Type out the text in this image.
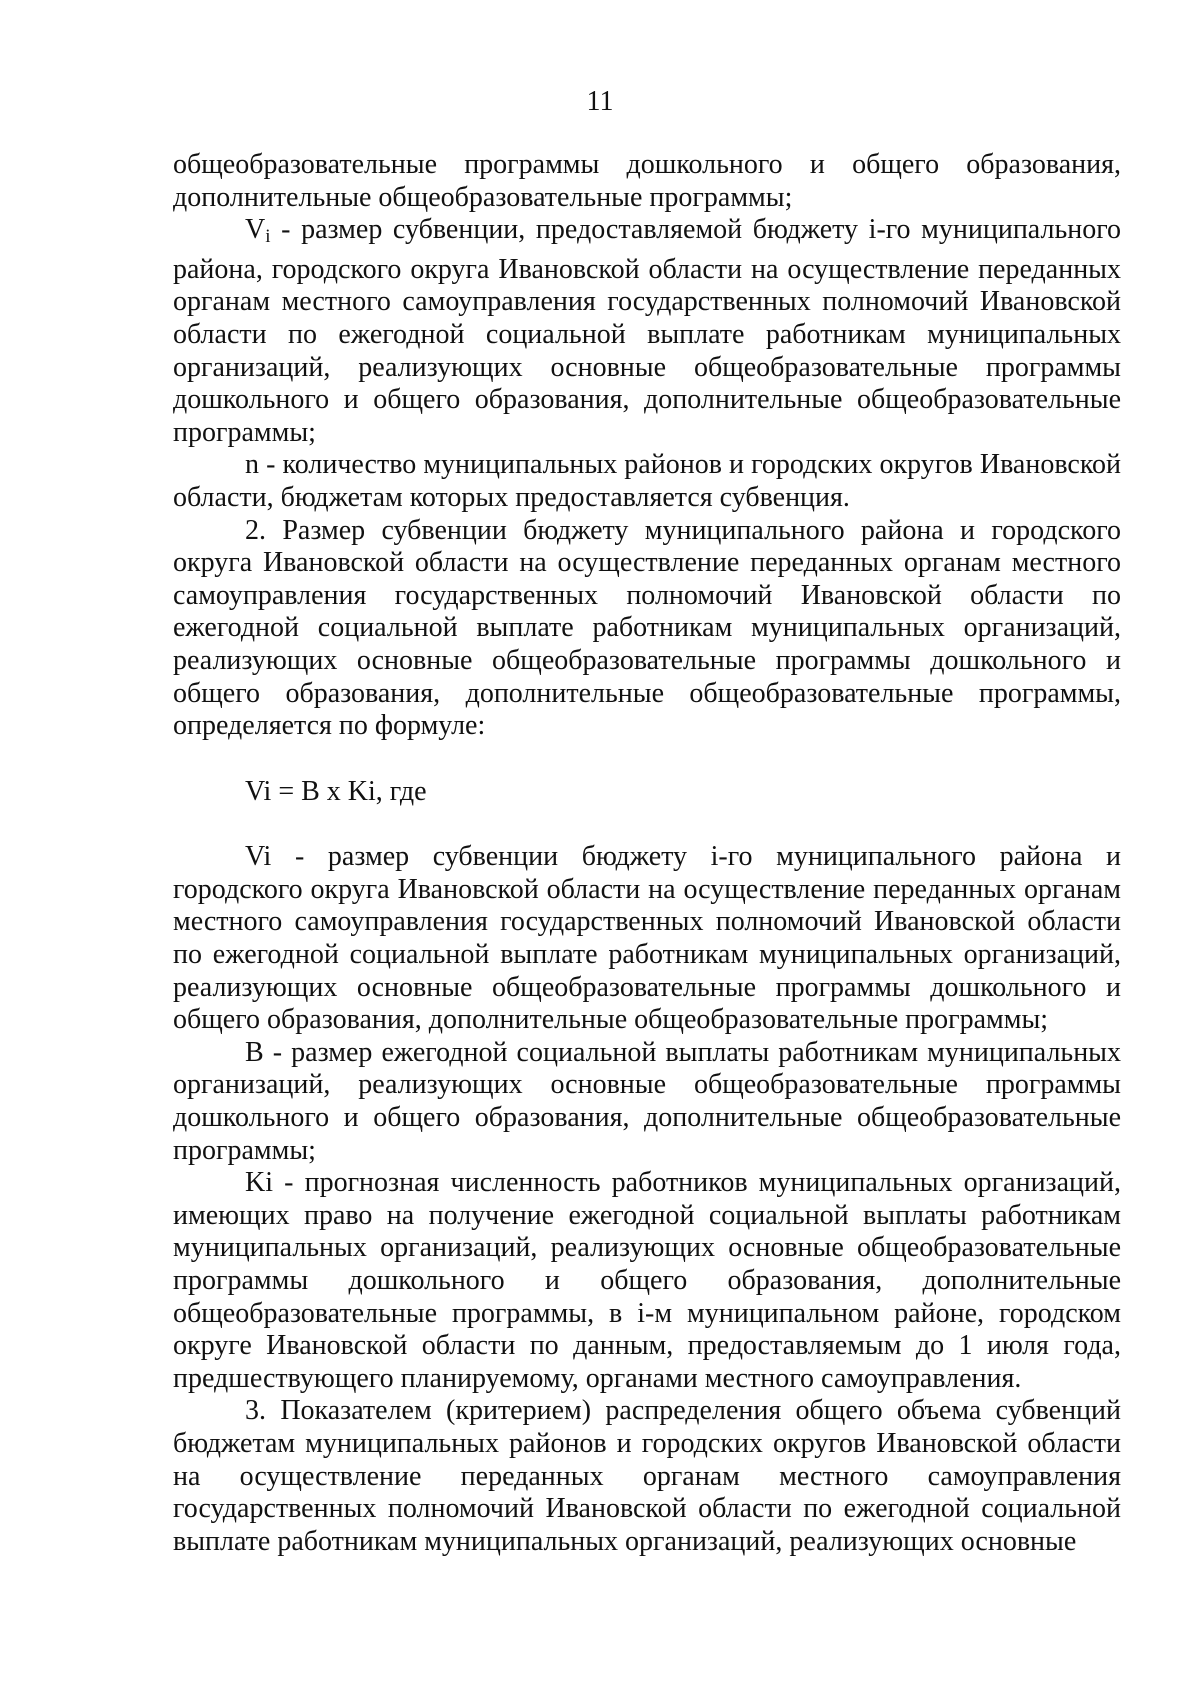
11

общеобразовательные программы дошкольного и общего образования, дополнительные общеобразовательные программы;

Vi - размер субвенции, предоставляемой бюджету i-го муниципального района, городского округа Ивановской области на осуществление переданных органам местного самоуправления государственных полномочий Ивановской области по ежегодной социальной выплате работникам муниципальных организаций, реализующих основные общеобразовательные программы дошкольного и общего образования, дополнительные общеобразовательные программы;

n - количество муниципальных районов и городских округов Ивановской области, бюджетам которых предоставляется субвенция.

2. Размер субвенции бюджету муниципального района и городского округа Ивановской области на осуществление переданных органам местного самоуправления государственных полномочий Ивановской области по ежегодной социальной выплате работникам муниципальных организаций, реализующих основные общеобразовательные программы дошкольного и общего образования, дополнительные общеобразовательные программы, определяется по формуле:

Vi = B x Ki, где

Vi - размер субвенции бюджету i-го муниципального района и городского округа Ивановской области на осуществление переданных органам местного самоуправления государственных полномочий Ивановской области по ежегодной социальной выплате работникам муниципальных организаций, реализующих основные общеобразовательные программы дошкольного и общего образования, дополнительные общеобразовательные программы;

B - размер ежегодной социальной выплаты работникам муниципальных организаций, реализующих основные общеобразовательные программы дошкольного и общего образования, дополнительные общеобразовательные программы;

Ki - прогнозная численность работников муниципальных организаций, имеющих право на получение ежегодной социальной выплаты работникам муниципальных организаций, реализующих основные общеобразовательные программы дошкольного и общего образования, дополнительные общеобразовательные программы, в i-м муниципальном районе, городском округе Ивановской области по данным, предоставляемым до 1 июля года, предшествующего планируемому, органами местного самоуправления.

3. Показателем (критерием) распределения общего объема субвенций бюджетам муниципальных районов и городских округов Ивановской области на осуществление переданных органам местного самоуправления государственных полномочий Ивановской области по ежегодной социальной выплате работникам муниципальных организаций, реализующих основные
